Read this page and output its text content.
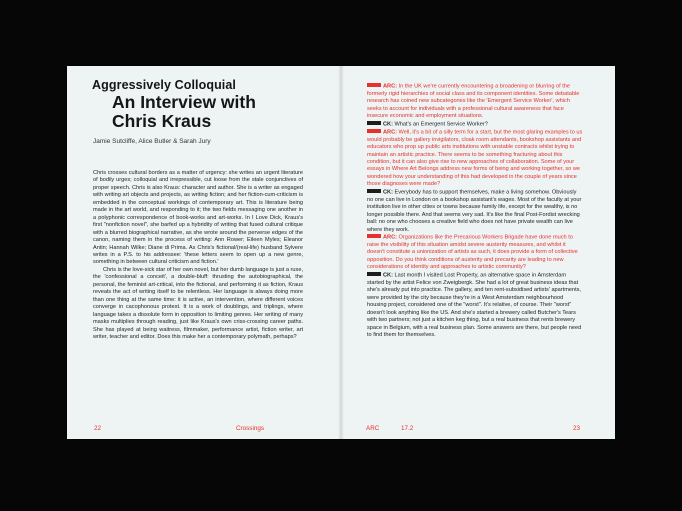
Aggressively Colloquial
An Interview with
Chris Kraus
Jamie Sutcliffe, Alice Butler & Sarah Jury

Chris crosses cultural borders as a matter of urgency: she writes an urgent literature of bodily urges; colloquial and irrepressible, cut loose from the stale conjunctives of proper speech. Chris is also Kraus: character and author. She is a writer as engaged with writing art objects and projects, as writing fiction; and her fiction-cum-criticism is embedded in the conceptual workings of contemporary art. This is literature being made in the art world, and responding to it; the two fields messaging one another in a polyphonic correspondence of book-works and art-works. In I Love Dick, Kraus's first "nonfiction novel", she barfed up a hybridity of writing that fused cultural critique with a blurred biographical narrative, as she wrote around the perverse edges of the canon, naming them in the process of writing: Ann Rower; Eileen Myles; Eleanor Antin; Hannah Wilke; Diane di Prima. As Chris's fictional/(real-life) husband Sylvere writes in a P.S. to his addressee: 'these letters seem to open up a new genre, something in between cultural criticism and fiction.'

Chris is the love-sick star of her own novel, but her dumb language is just a ruse, the 'confessional a conceit', a double-bluff: thrusting the autobiographical, the personal, the feminist art-critical, into the fictional, and performing it as fiction, Kraus reveals the act of writing itself to be relentless. Her language is always doing more than one thing at the same time: it is active, an intervention, where different voices converge in cacophonous protest. It is a work of doublings, and triplings, where language takes a dissolute form in opposition to limiting genres. Her writing of many masks multiplies through reading, just like Kraus's own criss-crossing career paths. She has played at being waitress, filmmaker, performance artist, fiction writer, art writer, teacher and editor. Does this make her a contemporary polymath, perhaps?

ARC: In the UK we're currently encountering a broadening or blurring of the formerly rigid hierarchies of social class and its component identities. Some debatable research has coined new subcategories like the 'Emergent Service Worker', which seeks to account for individuals with a professional cultural awareness that face insecure economic and employment situations.

CK: What's an Emergent Service Worker?

ARC: Well, it's a bit of a silly term for a start, but the most glaring examples to us would probably be gallery invigilators, cloak room attendants, bookshop assistants and educators who prop up public arts institutions with unstable contracts whilst trying to maintain an artistic practice. There seems to be something fracturing about this condition, but it can also give rise to new approaches of collaboration. Some of your essays in Where Art Belongs address new forms of being and working together, so we wondered how your understanding of this had developed in the couple of years since those diagnoses were made?

CK: Everybody has to support themselves, make a living somehow. Obviously no one can live in London on a bookshop assistant's wages. Most of the faculty at your institution live in other cities or towns because family life, except for the wealthy, is no longer possible there. And that seems very sad. It's like the final Post-Fordist wrecking ball: no one who chooses a creative field who does not have private wealth can live where they work.

ARC: Organizations like the Precarious Workers Brigade have done much to raise the visibility of this situation amidst severe austerity measures, and whilst it doesn't constitute a unionization of artists as such, it does provide a form of collective opposition. Do you think conditions of austerity and precarity are leading to new considerations of identity and approaches to artistic community?

CK: Last month I visited Lost Property, an alternative space in Amsterdam started by the artist Felice von Zweigbergk. She had a lot of great business ideas that she's already put into practice. The gallery, and ten rent-subsidised artists' apartments, were provided by the city because they're in a West Amsterdam neighbourhood housing project, considered one of the "worst". It's relative, of course. Their "worst" doesn't look anything like the US. And she's started a brewery called Butcher's Tears with two partners; not just a kitchen keg thing, but a real business that rents brewery space in Belgium, with a real business plan. Some answers are there, but people need to find them for themselves.

22	Crossings	ARC	17.2	23
